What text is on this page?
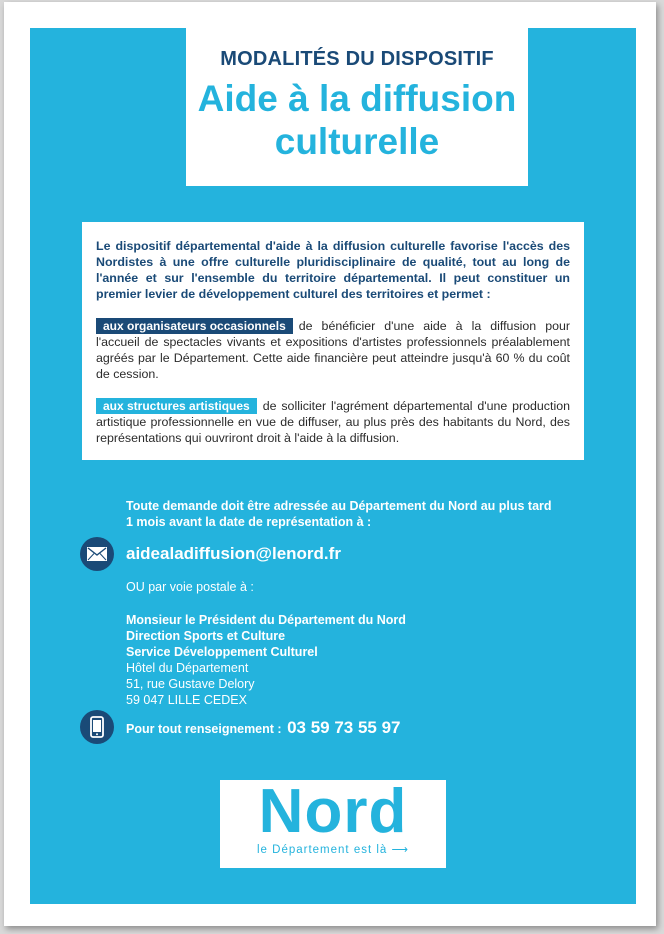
MODALITÉS DU DISPOSITIF
Aide à la diffusion
culturelle

Le dispositif départemental d'aide à la diffusion culturelle favorise l'accès des Nordistes à une offre culturelle pluridisciplinaire de qualité, tout au long de l'année et sur l'ensemble du territoire départemental. Il peut constituer un premier levier de développement culturel des territoires et permet :

aux organisateurs occasionnels de bénéficier d'une aide à la diffusion pour l'accueil de spectacles vivants et expositions d'artistes professionnels préalablement agréés par le Département. Cette aide financière peut atteindre jusqu'à 60 % du coût de cession.

aux structures artistiques de solliciter l'agrément départemental d'une production artistique professionnelle en vue de diffuser, au plus près des habitants du Nord, des représentations qui ouvriront droit à l'aide à la diffusion.

Toute demande doit être adressée au Département du Nord au plus tard
1 mois avant la date de représentation à :
aidealadiffusion@lenord.fr
OU par voie postale à :
Monsieur le Président du Département du Nord
Direction Sports et Culture
Service Développement Culturel
Hôtel du Département
51, rue Gustave Delory
59 047 LILLE CEDEX
Pour tout renseignement : 03 59 73 55 97
Nord
le Département est là ⟶
